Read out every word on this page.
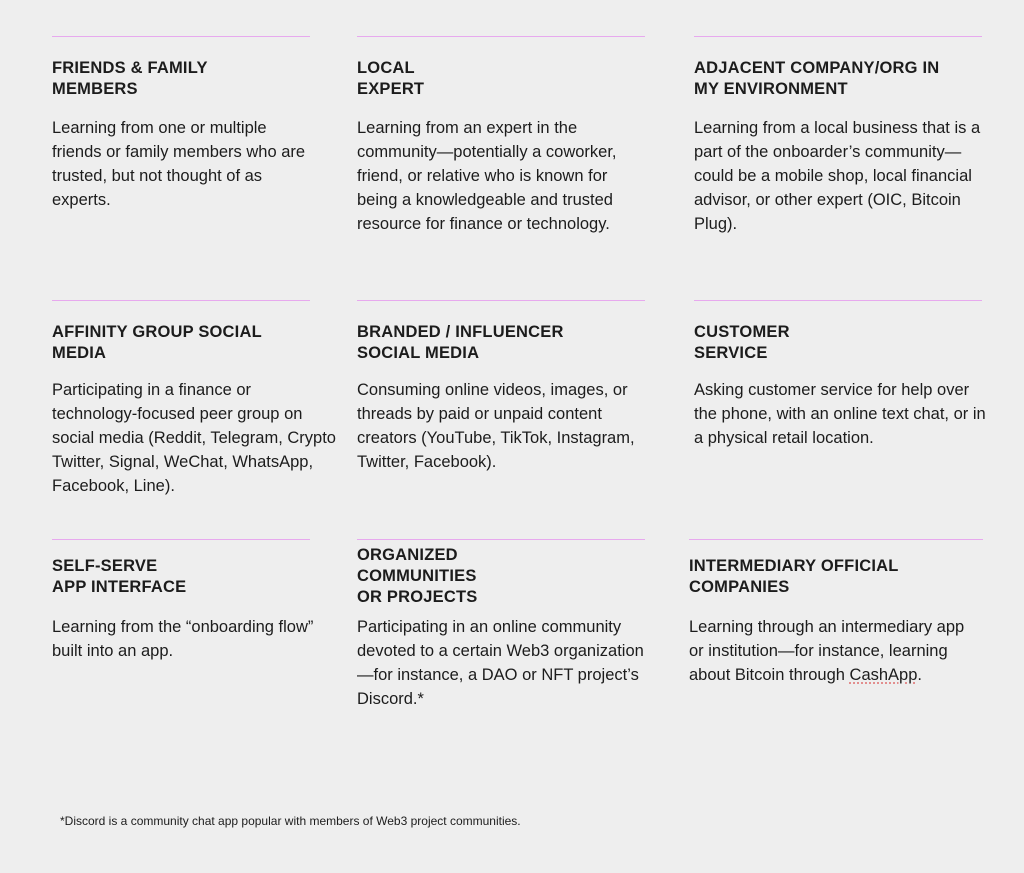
FRIENDS & FAMILY
MEMBERS
Learning from one or multiple friends or family members who are trusted, but not thought of as experts.
LOCAL
EXPERT
Learning from an expert in the community—potentially a coworker, friend, or relative who is known for being a knowledgeable and trusted resource for finance or technology.
ADJACENT COMPANY/ORG IN
MY ENVIRONMENT
Learning from a local business that is a part of the onboarder’s community—could be a mobile shop, local financial advisor, or other expert (OIC, Bitcoin Plug).
AFFINITY GROUP SOCIAL
MEDIA
Participating in a finance or technology-focused peer group on social media (Reddit, Telegram, Crypto Twitter, Signal, WeChat, WhatsApp, Facebook, Line).
BRANDED / INFLUENCER
SOCIAL MEDIA
Consuming online videos, images, or threads by paid or unpaid content creators (YouTube, TikTok, Instagram, Twitter, Facebook).
CUSTOMER
SERVICE
Asking customer service for help over the phone, with an online text chat, or in a physical retail location.
SELF-SERVE
APP INTERFACE
Learning from the “onboarding flow” built into an app.
ORGANIZED
COMMUNITIES
OR PROJECTS
Participating in an online community devoted to a certain Web3 organization —for instance, a DAO or NFT project’s Discord.*
INTERMEDIARY OFFICIAL
COMPANIES
Learning through an intermediary app or institution—for instance, learning about Bitcoin through CashApp.
*Discord is a community chat app popular with members of Web3 project communities.
